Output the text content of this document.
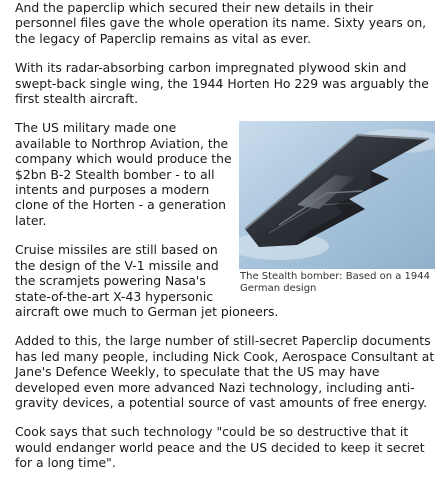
And the paperclip which secured their new details in their personnel files gave the whole operation its name. Sixty years on, the legacy of Paperclip remains as vital as ever.

With its radar-absorbing carbon impregnated plywood skin and swept-back single wing, the 1944 Horten Ho 229 was arguably the first stealth aircraft.

The Stealth bomber: Based on a 1944 German design

The US military made one available to Northrop Aviation, the company which would produce the $2bn B-2 Stealth bomber - to all intents and purposes a modern clone of the Horten - a generation later.

Cruise missiles are still based on the design of the V-1 missile and the scramjets powering Nasa's state-of-the-art X-43 hypersonic aircraft owe much to German jet pioneers.

Added to this, the large number of still-secret Paperclip documents has led many people, including Nick Cook, Aerospace Consultant at Jane's Defence Weekly, to speculate that the US may have developed even more advanced Nazi technology, including anti-gravity devices, a potential source of vast amounts of free energy.

Cook says that such technology "could be so destructive that it would endanger world peace and the US decided to keep it secret for a long time".
